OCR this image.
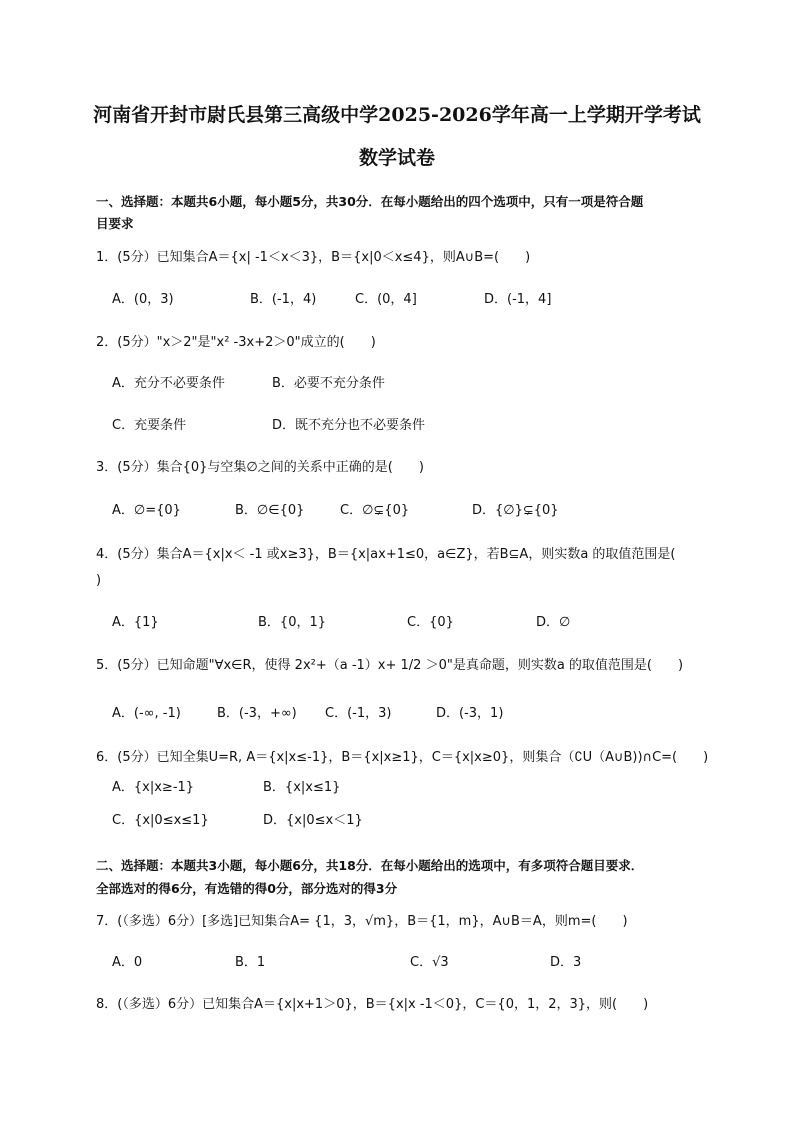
河南省开封市尉氏县第三高级中学2025-2026学年高一上学期开学考试
数学试卷
一、选择题：本题共6小题，每小题5分，共30分．在每小题给出的四个选项中，只有一项是符合题
目要求
1．(5分）已知集合A＝{x| -1＜x＜3}，B＝{x|0＜x≤4}，则A∪B=(　　)
A．(0，3)	B．(-1，4)	C．(0，4]	D．(-1，4]
2．(5分）"x＞2"是"x² -3x+2＞0"成立的(　　)
A．充分不必要条件	B．必要不充分条件
C．充要条件	D．既不充分也不必要条件
3．(5分）集合{0}与空集∅之间的关系中正确的是(　　)
A．∅={0}	B．∅∈{0}	C．∅⊊{0}	D．{∅}⊊{0}
4．(5分）集合A＝{x|x＜ -1 或x≥3}，B＝{x|ax+1≤0，a∈Z}，若B⊆A，则实数a 的取值范围是(
)
A．{1}	B．{0，1}	C．{0}	D．∅
5．(5分）已知命题"∀x∈R，使得 2x²+（a -1）x+ 1/2 ＞0"是真命题，则实数a 的取值范围是(　　)
A．(-∞, -1)	B．(-3，+∞) C．(-1，3)	D．(-3，1)
6．(5分）已知全集U=R, A＝{x|x≤-1}，B＝{x|x≥1}，C＝{x|x≥0}，则集合（∁U（A∪B))∩C=(　　)
A．{x|x≥-1}	B．{x|x≤1}
C．{x|0≤x≤1}	D．{x|0≤x＜1}
二、选择题：本题共3小题，每小题6分，共18分．在每小题给出的选项中，有多项符合题目要求．
全部选对的得6分，有选错的得0分，部分选对的得3分
7．(（多选）6分）[多选]已知集合A= {1，3，√m}，B＝{1，m}，A∪B＝A，则m=(　　)
A．0	B．1	C．√3	D．3
8．(（多选）6分）已知集合A＝{x|x+1＞0}，B＝{x|x -1＜0}，C＝{0，1，2，3}，则(　　)
